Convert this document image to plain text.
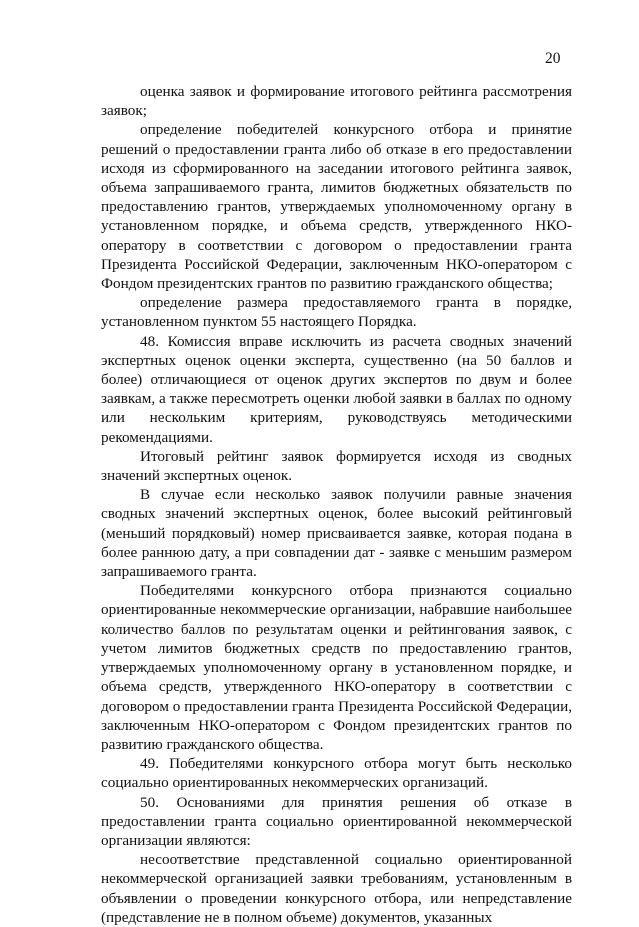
20

оценка заявок и формирование итогового рейтинга рассмотрения заявок;

определение победителей конкурсного отбора и принятие решений о предоставлении гранта либо об отказе в его предоставлении исходя из сформированного на заседании итогового рейтинга заявок, объема запрашиваемого гранта, лимитов бюджетных обязательств по предоставлению грантов, утверждаемых уполномоченному органу в установленном порядке, и объема средств, утвержденного НКО-оператору в соответствии с договором о предоставлении гранта Президента Российской Федерации, заключенным НКО-оператором с Фондом президентских грантов по развитию гражданского общества;

определение размера предоставляемого гранта в порядке, установленном пунктом 55 настоящего Порядка.

48. Комиссия вправе исключить из расчета сводных значений экспертных оценок оценки эксперта, существенно (на 50 баллов и более) отличающиеся от оценок других экспертов по двум и более заявкам, а также пересмотреть оценки любой заявки в баллах по одному или нескольким критериям, руководствуясь методическими рекомендациями.

Итоговый рейтинг заявок формируется исходя из сводных значений экспертных оценок.

В случае если несколько заявок получили равные значения сводных значений экспертных оценок, более высокий рейтинговый (меньший порядковый) номер присваивается заявке, которая подана в более раннюю дату, а при совпадении дат - заявке с меньшим размером запрашиваемого гранта.

Победителями конкурсного отбора признаются социально ориентированные некоммерческие организации, набравшие наибольшее количество баллов по результатам оценки и рейтингования заявок, с учетом лимитов бюджетных средств по предоставлению грантов, утверждаемых уполномоченному органу в установленном порядке, и объема средств, утвержденного НКО-оператору в соответствии с договором о предоставлении гранта Президента Российской Федерации, заключенным НКО-оператором с Фондом президентских грантов по развитию гражданского общества.

49. Победителями конкурсного отбора могут быть несколько социально ориентированных некоммерческих организаций.

50. Основаниями для принятия решения об отказе в предоставлении гранта социально ориентированной некоммерческой организации являются:

несоответствие представленной социально ориентированной некоммерческой организацией заявки требованиям, установленным в объявлении о проведении конкурсного отбора, или непредставление (представление не в полном объеме) документов, указанных
